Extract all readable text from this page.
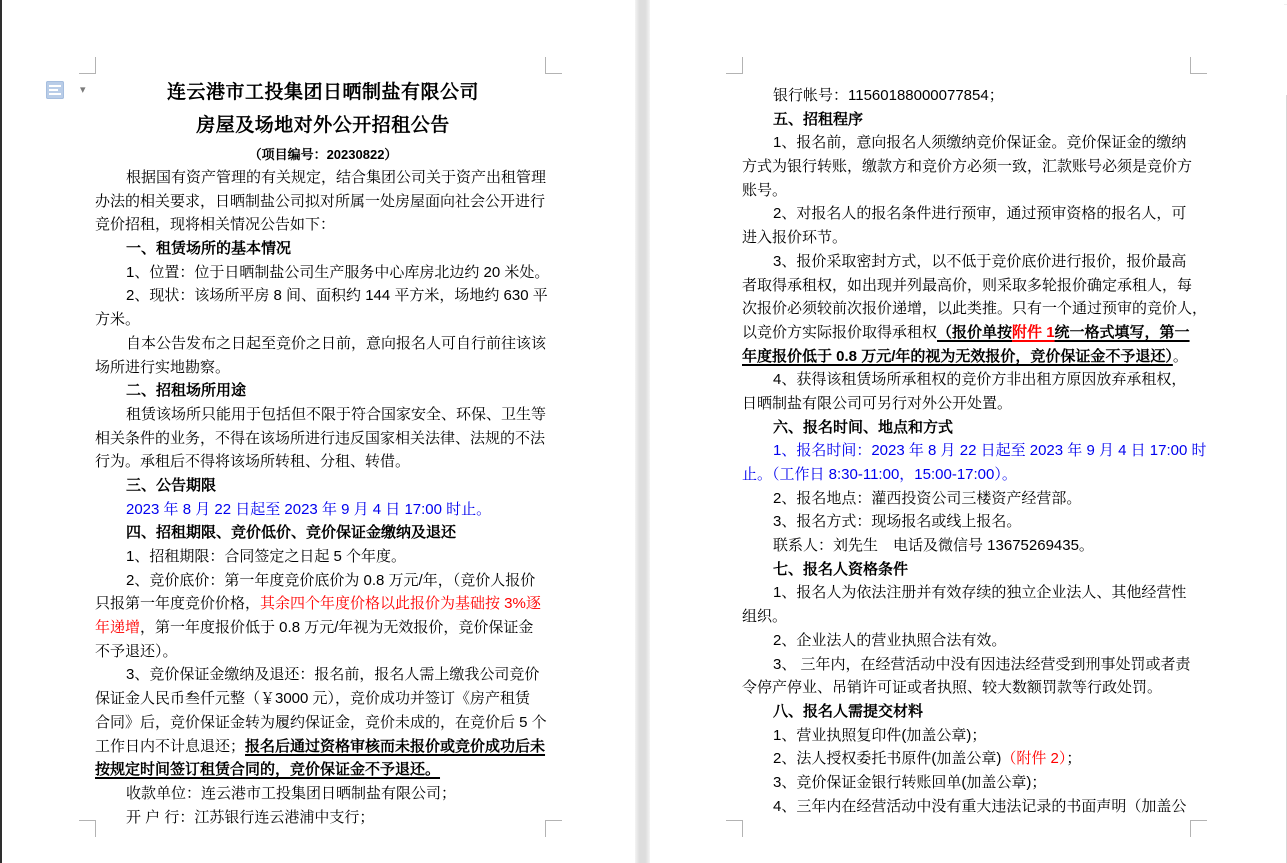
连云港市工投集团日晒制盐有限公司
房屋及场地对外公开招租公告
（项目编号：20230822）
根据国有资产管理的有关规定，结合集团公司关于资产出租管理
办法的相关要求，日晒制盐公司拟对所属一处房屋面向社会公开进行
竞价招租，现将相关情况公告如下：
一、租赁场所的基本情况
1、位置：位于日晒制盐公司生产服务中心库房北边约 20 米处。
2、现状：该场所平房 8 间、面积约 144 平方米，场地约 630 平
方米。
自本公告发布之日起至竞价之日前，意向报名人可自行前往该该
场所进行实地勘察。
二、招租场所用途
租赁该场所只能用于包括但不限于符合国家安全、环保、卫生等
相关条件的业务，不得在该场所进行违反国家相关法律、法规的不法
行为。承租后不得将该场所转租、分租、转借。
三、公告期限
2023 年 8 月 22 日起至 2023 年 9 月 4 日 17:00 时止。
四、招租期限、竞价低价、竞价保证金缴纳及退还
1、招租期限：合同签定之日起 5 个年度。
2、竞价底价：第一年度竞价底价为 0.8 万元/年，（竞价人报价
只报第一年度竞价价格，其余四个年度价格以此报价为基础按 3%逐
年递增，第一年度报价低于 0.8 万元/年视为无效报价，竞价保证金
不予退还）。
3、竞价保证金缴纳及退还：报名前，报名人需上缴我公司竞价
保证金人民币叁仟元整（￥3000 元），竞价成功并签订《房产租赁
合同》后，竞价保证金转为履约保证金，竞价未成的，在竞价后 5 个
工作日内不计息退还；报名后通过资格审核而未报价或竞价成功后未
按规定时间签订租赁合同的，竞价保证金不予退还。
收款单位：连云港市工投集团日晒制盐有限公司；
开 户 行：江苏银行连云港浦中支行；
银行帐号：11560188000077854；
五、招租程序
1、报名前，意向报名人须缴纳竞价保证金。竞价保证金的缴纳
方式为银行转账，缴款方和竞价方必须一致，汇款账号必须是竞价方
账号。
2、对报名人的报名条件进行预审，通过预审资格的报名人，可
进入报价环节。
3、报价采取密封方式，以不低于竞价底价进行报价，报价最高
者取得承租权，如出现并列最高价，则采取多轮报价确定承租人，每
次报价必须较前次报价递增，以此类推。只有一个通过预审的竞价人，
以竞价方实际报价取得承租权（报价单按附件 1统一格式填写，第一
年度报价低于 0.8 万元/年的视为无效报价，竞价保证金不予退还）。
4、获得该租赁场所承租权的竞价方非出租方原因放弃承租权，
日晒制盐有限公司可另行对外公开处置。
六、报名时间、地点和方式
1、报名时间：2023 年 8 月 22 日起至 2023 年 9 月 4 日 17:00 时
止。（工作日 8:30-11:00，15:00-17:00）。
2、报名地点：灌西投资公司三楼资产经营部。
3、报名方式：现场报名或线上报名。
联系人：刘先生　电话及微信号 13675269435。
七、报名人资格条件
1、报名人为依法注册并有效存续的独立企业法人、其他经营性
组织。
2、企业法人的营业执照合法有效。
3、 三年内，在经营活动中没有因违法经营受到刑事处罚或者责
令停产停业、吊销许可证或者执照、较大数额罚款等行政处罚。
八、报名人需提交材料
1、营业执照复印件(加盖公章)；
2、法人授权委托书原件(加盖公章)（附件 2）；
3、竞价保证金银行转账回单(加盖公章)；
4、三年内在经营活动中没有重大违法记录的书面声明（加盖公
▾
